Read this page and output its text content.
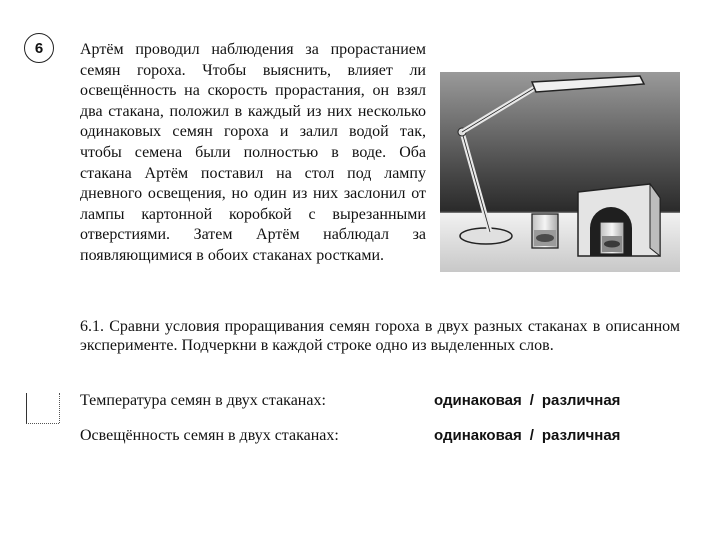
6 Артём проводил наблюдения за прорастанием семян гороха. Чтобы выяснить, влияет ли освещённость на скорость прорастания, он взял два стакана, положил в каждый из них несколько одинаковых семян гороха и залил водой так, чтобы семена были полностью в воде. Оба стакана Артём поставил на стол под лампу дневного освещения, но один из них заслонил от лампы картонной коробкой с вырезанными отверстиями. Затем Артём наблюдал за появляющимися в обоих стаканах ростками.
6.1. Сравни условия проращивания семян гороха в двух разных стаканах в описанном эксперименте. Подчеркни в каждой строке одно из выделенных слов.
Температура семян в двух стаканах:	одинаковая / различная
Освещённость семян в двух стаканах:	одинаковая / различная
